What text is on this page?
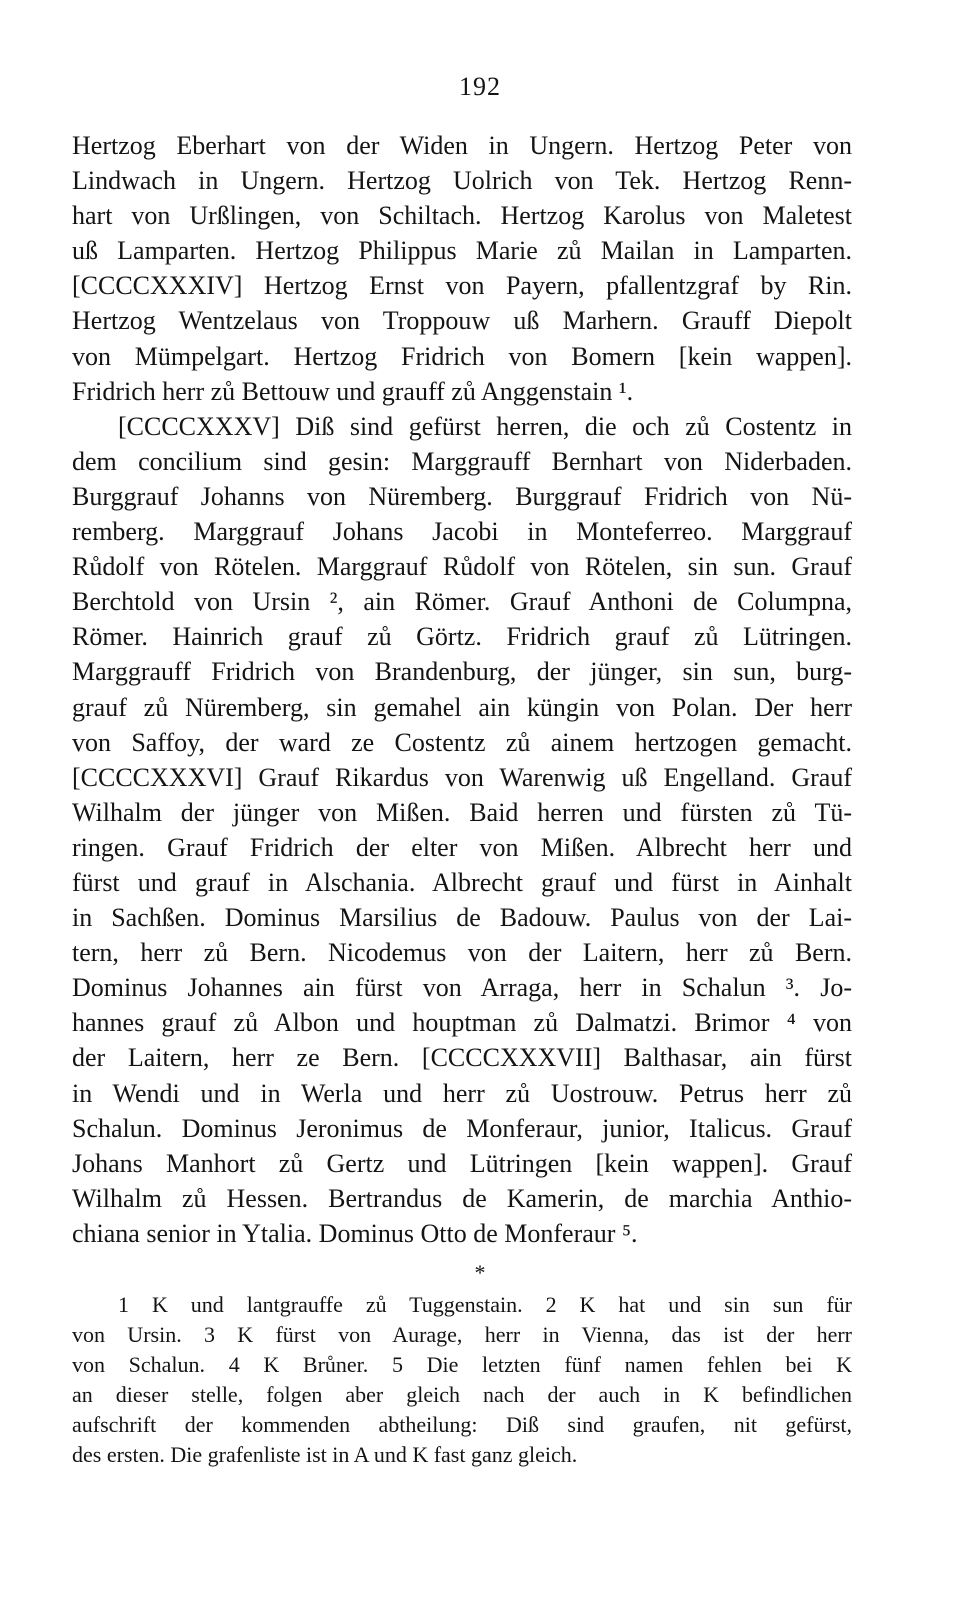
192
Hertzog Eberhart von der Widen in Ungern. Hertzog Peter von
Lindwach in Ungern. Hertzog Uolrich von Tek. Hertzog Renn-
hart von Urßlingen, von Schiltach. Hertzog Karolus von Maletest
uß Lamparten. Hertzog Philippus Marie zů Mailan in Lamparten.
[CCCCXXXIV] Hertzog Ernst von Payern, pfallentzgraf by Rin.
Hertzog Wentzelaus von Troppouw uß Marhern. Grauff Diepolt
von Mümpelgart. Hertzog Fridrich von Bomern [kein wappen].
Fridrich herr zů Bettouw und grauff zů Anggenstain ¹.
[CCCCXXXV] Diß sind gefürst herren, die och zů Costentz in
dem concilium sind gesin: Marggrauff Bernhart von Niderbaden.
Burggrauf Johanns von Nüremberg. Burggrauf Fridrich von Nü-
remberg. Marggrauf Johans Jacobi in Monteferreo. Marggrauf
Růdolf von Rötelen. Marggrauf Růdolf von Rötelen, sin sun. Grauf
Berchtold von Ursin ², ain Römer. Grauf Anthoni de Columpna,
Römer. Hainrich grauf zů Görtz. Fridrich grauf zů Lütringen.
Marggrauff Fridrich von Brandenburg, der jünger, sin sun, burg-
grauf zů Nüremberg, sin gemahel ain küngin von Polan. Der herr
von Saffoy, der ward ze Costentz zů ainem hertzogen gemacht.
[CCCCXXXVI] Grauf Rikardus von Warenwig uß Engelland. Grauf
Wilhalm der jünger von Mißen. Baid herren und fürsten zů Tü-
ringen. Grauf Fridrich der elter von Mißen. Albrecht herr und
fürst und grauf in Alschania. Albrecht grauf und fürst in Ainhalt
in Sachßen. Dominus Marsilius de Badouw. Paulus von der Lai-
tern, herr zů Bern. Nicodemus von der Laitern, herr zů Bern.
Dominus Johannes ain fürst von Arraga, herr in Schalun ³. Jo-
hannes grauf zů Albon und houptman zů Dalmatzi. Brimor ⁴ von
der Laitern, herr ze Bern. [CCCCXXXVII] Balthasar, ain fürst
in Wendi und in Werla und herr zů Uostrouw. Petrus herr zů
Schalun. Dominus Jeronimus de Monferaur, junior, Italicus. Grauf
Johans Manhort zů Gertz und Lütringen [kein wappen]. Grauf
Wilhalm zů Hessen. Bertrandus de Kamerin, de marchia Anthio-
chiana senior in Ytalia. Dominus Otto de Monferaur ⁵.
*
1 K und lantgrauffe zů Tuggenstain. 2 K hat und sin sun für
von Ursin. 3 K fürst von Aurage, herr in Vienna, das ist der herr
von Schalun. 4 K Brůner. 5 Die letzten fünf namen fehlen bei K
an dieser stelle, folgen aber gleich nach der auch in K befindlichen
aufschrift der kommenden abtheilung: Diß sind graufen, nit gefürst,
des ersten. Die grafenliste ist in A und K fast ganz gleich.
